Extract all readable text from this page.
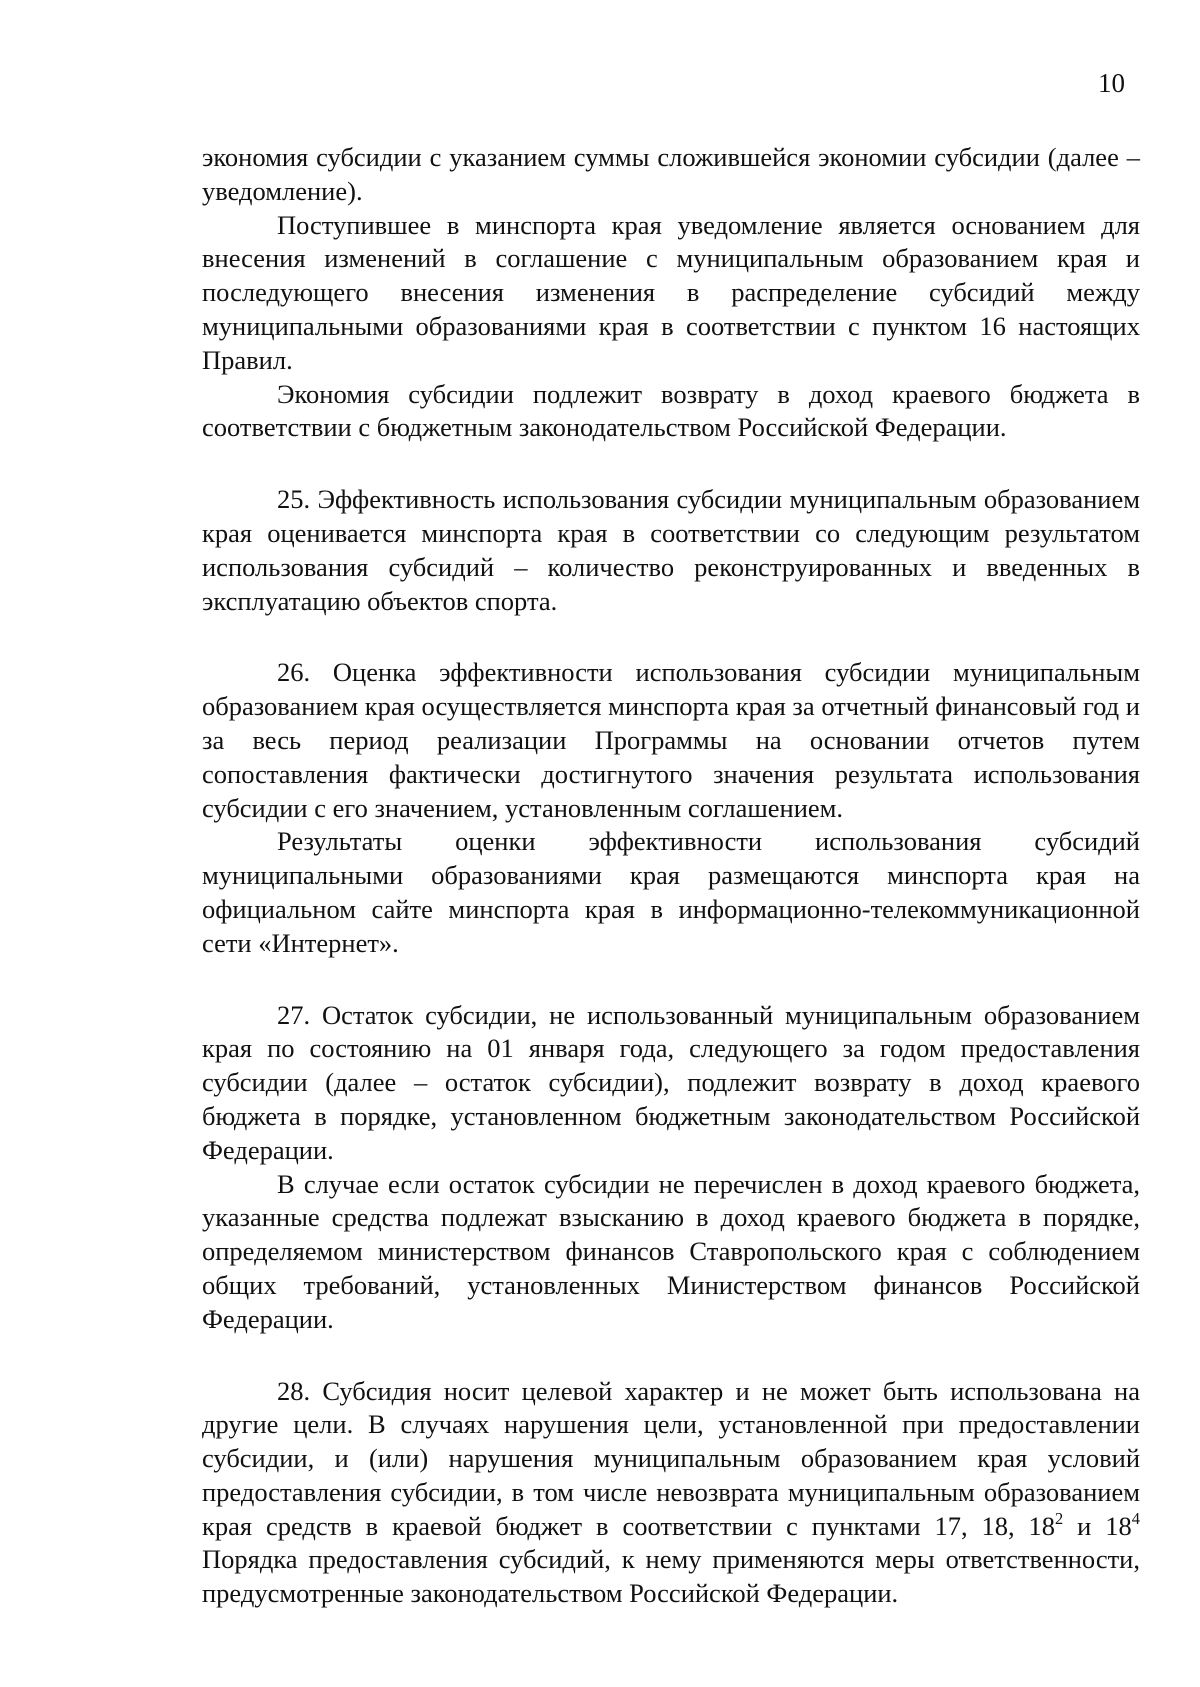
10

экономия субсидии с указанием суммы сложившейся экономии субсидии (далее – уведомление).

Поступившее в минспорта края уведомление является основанием для внесения изменений в соглашение с муниципальным образованием края и последующего внесения изменения в распределение субсидий между муниципальными образованиями края в соответствии с пунктом 16 настоящих Правил.

Экономия субсидии подлежит возврату в доход краевого бюджета в соответствии с бюджетным законодательством Российской Федерации.

25. Эффективность использования субсидии муниципальным образованием края оценивается минспорта края в соответствии со следующим результатом использования субсидий – количество реконструированных и введенных в эксплуатацию объектов спорта.

26. Оценка эффективности использования субсидии муниципальным образованием края осуществляется минспорта края за отчетный финансовый год и за весь период реализации Программы на основании отчетов путем сопоставления фактически достигнутого значения результата использования субсидии с его значением, установленным соглашением.

Результаты оценки эффективности использования субсидий муниципальными образованиями края размещаются минспорта края на официальном сайте минспорта края в информационно-телекоммуникационной сети «Интернет».

27. Остаток субсидии, не использованный муниципальным образованием края по состоянию на 01 января года, следующего за годом предоставления субсидии (далее – остаток субсидии), подлежит возврату в доход краевого бюджета в порядке, установленном бюджетным законодательством Российской Федерации.

В случае если остаток субсидии не перечислен в доход краевого бюджета, указанные средства подлежат взысканию в доход краевого бюджета в порядке, определяемом министерством финансов Ставропольского края с соблюдением общих требований, установленных Министерством финансов Российской Федерации.

28. Субсидия носит целевой характер и не может быть использована на другие цели. В случаях нарушения цели, установленной при предоставлении субсидии, и (или) нарушения муниципальным образованием края условий предоставления субсидии, в том числе невозврата муниципальным образованием края средств в краевой бюджет в соответствии с пунктами 17, 18, $18^2$ и $18^4$ Порядка предоставления субсидий, к нему применяются меры ответственности, предусмотренные законодательством Российской Федерации.
